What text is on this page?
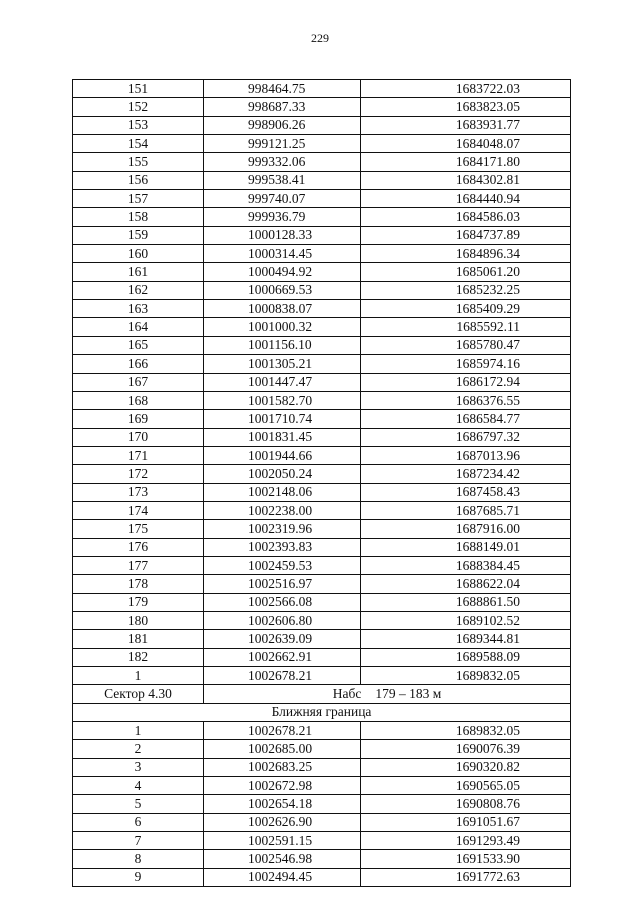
229
151	998464.75	1683722.03
152	998687.33	1683823.05
153	998906.26	1683931.77
154	999121.25	1684048.07
155	999332.06	1684171.80
156	999538.41	1684302.81
157	999740.07	1684440.94
158	999936.79	1684586.03
159	1000128.33	1684737.89
160	1000314.45	1684896.34
161	1000494.92	1685061.20
162	1000669.53	1685232.25
163	1000838.07	1685409.29
164	1001000.32	1685592.11
165	1001156.10	1685780.47
166	1001305.21	1685974.16
167	1001447.47	1686172.94
168	1001582.70	1686376.55
169	1001710.74	1686584.77
170	1001831.45	1686797.32
171	1001944.66	1687013.96
172	1002050.24	1687234.42
173	1002148.06	1687458.43
174	1002238.00	1687685.71
175	1002319.96	1687916.00
176	1002393.83	1688149.01
177	1002459.53	1688384.45
178	1002516.97	1688622.04
179	1002566.08	1688861.50
180	1002606.80	1689102.52
181	1002639.09	1689344.81
182	1002662.91	1689588.09
1	1002678.21	1689832.05
Сектор 4.30	Набс 179 – 183 м	
Ближняя граница		
1	1002678.21	1689832.05
2	1002685.00	1690076.39
3	1002683.25	1690320.82
4	1002672.98	1690565.05
5	1002654.18	1690808.76
6	1002626.90	1691051.67
7	1002591.15	1691293.49
8	1002546.98	1691533.90
9	1002494.45	1691772.63
